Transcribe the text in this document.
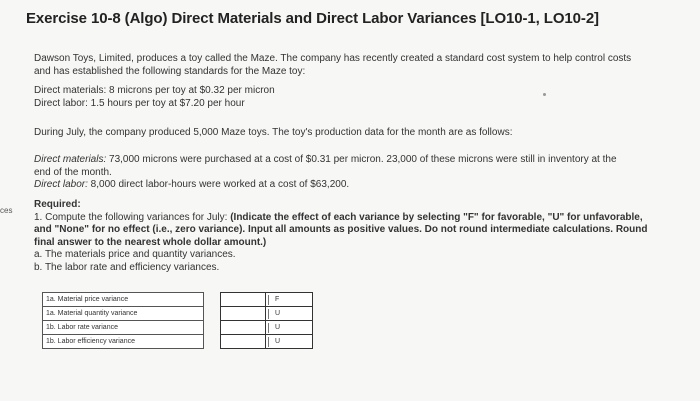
Exercise 10-8 (Algo) Direct Materials and Direct Labor Variances [LO10-1, LO10-2]
ces
Dawson Toys, Limited, produces a toy called the Maze. The company has recently created a standard cost system to help control costs
and has established the following standards for the Maze toy:
Direct materials: 8 microns per toy at $0.32 per micron
Direct labor: 1.5 hours per toy at $7.20 per hour
During July, the company produced 5,000 Maze toys. The toy's production data for the month are as follows:
Direct materials: 73,000 microns were purchased at a cost of $0.31 per micron. 23,000 of these microns were still in inventory at the
end of the month.
Direct labor: 8,000 direct labor-hours were worked at a cost of $63,200.
Required:
1. Compute the following variances for July: (Indicate the effect of each variance by selecting "F" for favorable, "U" for unfavorable,
and "None" for no effect (i.e., zero variance). Input all amounts as positive values. Do not round intermediate calculations. Round
final answer to the nearest whole dollar amount.)
a. The materials price and quantity variances.
b. The labor rate and efficiency variances.
1a. Material price variance			F

1a. Material quantity variance			U

1b. Labor rate variance			U

1b. Labor efficiency variance			U
